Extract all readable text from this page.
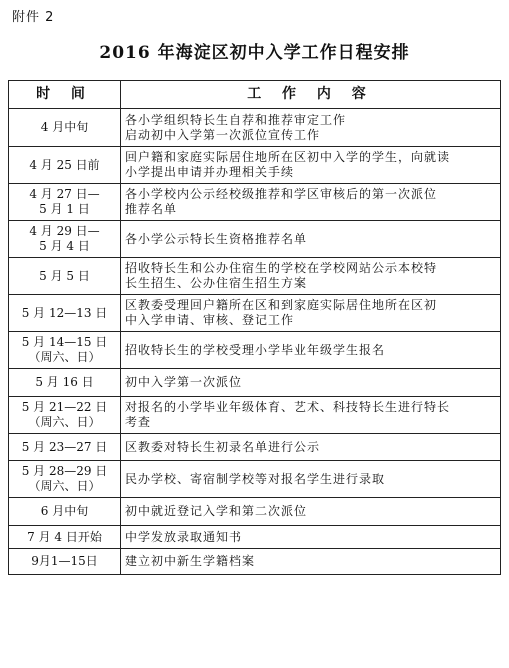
附件 2
2016 年海淀区初中入学工作日程安排
时 间	工 作 内 容

4 月中旬	各小学组织特长生自荐和推荐审定工作
启动初中入学第一次派位宣传工作

4 月 25 日前	回户籍和家庭实际居住地所在区初中入学的学生，向就读
小学提出申请并办理相关手续

4 月 27 日—
5 月 1 日	各小学校内公示经校级推荐和学区审核后的第一次派位
推荐名单

4 月 29 日—
5 月 4 日	各小学公示特长生资格推荐名单

5 月 5 日	招收特长生和公办住宿生的学校在学校网站公示本校特
长生招生、公办住宿生招生方案

5 月 12—13 日	区教委受理回户籍所在区和到家庭实际居住地所在区初
中入学申请、审核、登记工作

5 月 14—15 日
（周六、日）	招收特长生的学校受理小学毕业年级学生报名

5 月 16 日	初中入学第一次派位

5 月 21—22 日
（周六、日）	对报名的小学毕业年级体育、艺术、科技特长生进行特长
考查

5 月 23—27 日	区教委对特长生初录名单进行公示

5 月 28—29 日
（周六、日）	民办学校、寄宿制学校等对报名学生进行录取

6 月中旬	初中就近登记入学和第二次派位

7 月 4 日开始	中学发放录取通知书

9月1—15日	建立初中新生学籍档案
